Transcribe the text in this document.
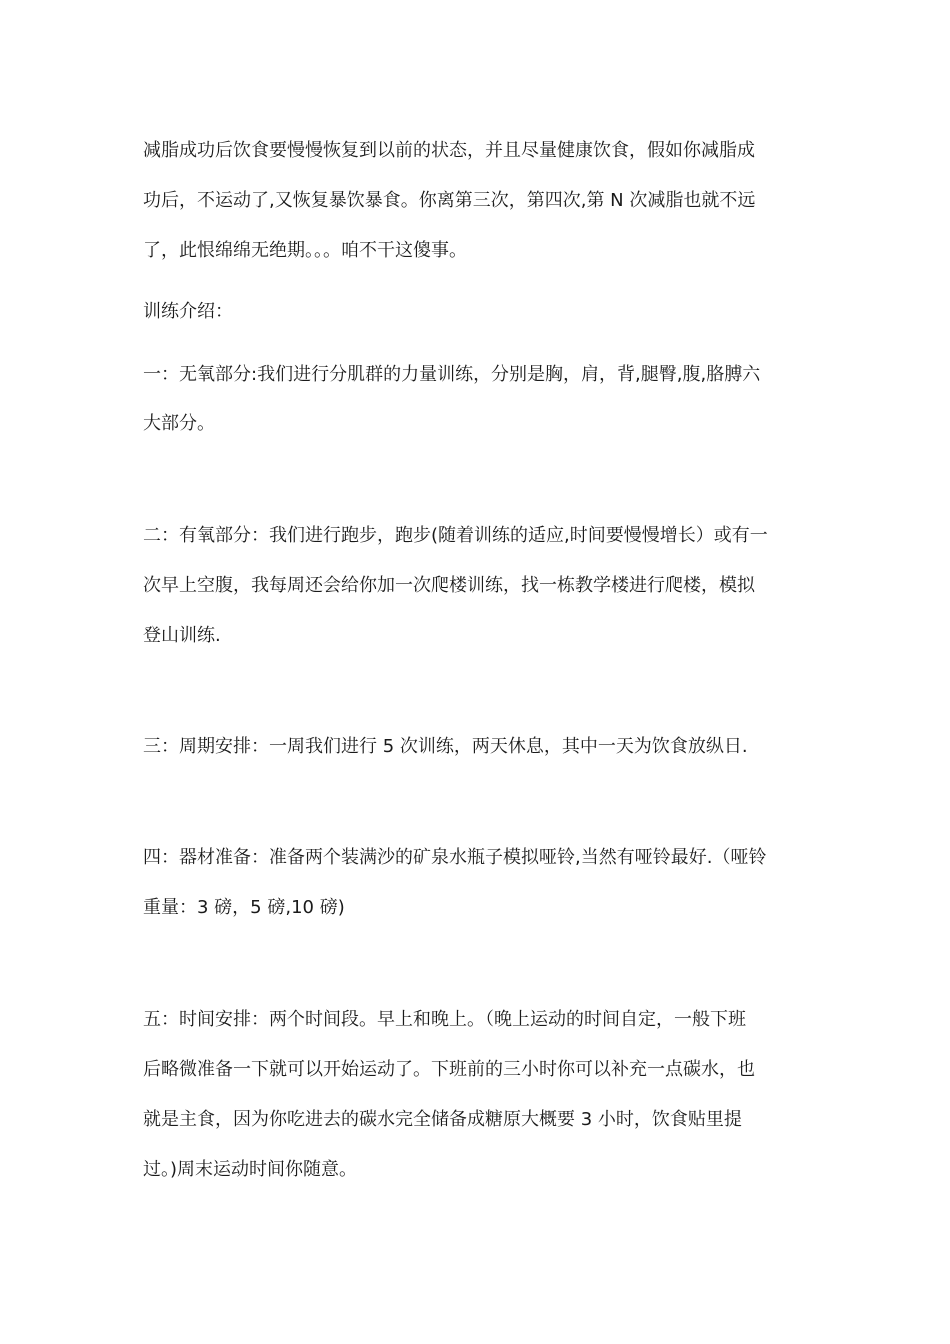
减脂成功后饮食要慢慢恢复到以前的状态，并且尽量健康饮食，假如你减脂成
功后，不运动了,又恢复暴饮暴食。你离第三次，第四次,第 N 次减脂也就不远
了，此恨绵绵无绝期。。。咱不干这傻事。
训练介绍：
一：无氧部分:我们进行分肌群的力量训练，分别是胸，肩，背,腿臀,腹,胳膊六
大部分。
二：有氧部分：我们进行跑步，跑步(随着训练的适应,时间要慢慢增长）或有一
次早上空腹，我每周还会给你加一次爬楼训练，找一栋教学楼进行爬楼，模拟
登山训练.
三：周期安排：一周我们进行 5 次训练，两天休息，其中一天为饮食放纵日.
四：器材准备：准备两个装满沙的矿泉水瓶子模拟哑铃,当然有哑铃最好.（哑铃
重量：3 磅，5 磅,10 磅)
五：时间安排：两个时间段。早上和晚上。（晚上运动的时间自定，一般下班
后略微准备一下就可以开始运动了。下班前的三小时你可以补充一点碳水，也
就是主食，因为你吃进去的碳水完全储备成糖原大概要 3 小时，饮食贴里提
过。)周末运动时间你随意。
